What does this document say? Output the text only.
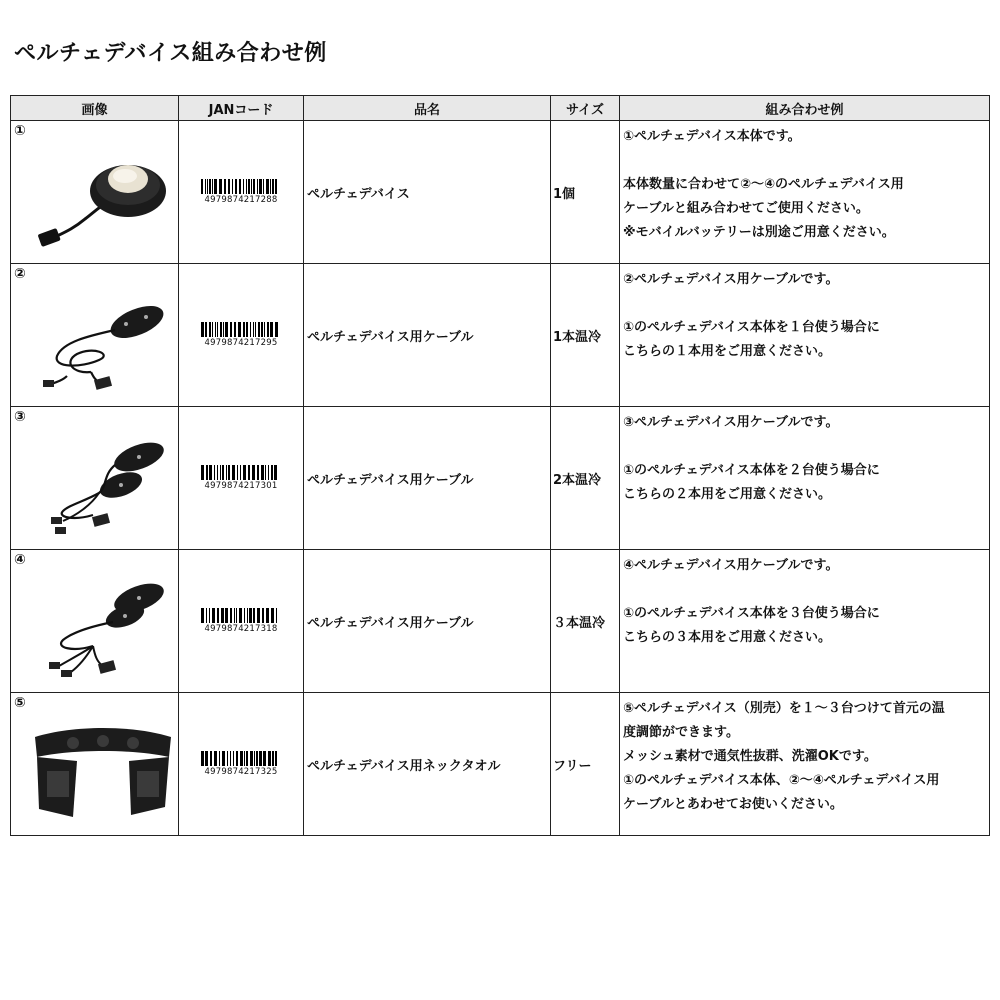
ペルチェデバイス組み合わせ例
画像	JANコード	品名	サイズ	組み合わせ例

①	4979874217288	ペルチェデバイス	1個	①ペルチェデバイス本体です。
本体数量に合わせて②～④のペルチェデバイス用
ケーブルと組み合わせてご使用ください。
※モバイルバッテリーは別途ご用意ください。

②	4979874217295	ペルチェデバイス用ケーブル	1本温冷	②ペルチェデバイス用ケーブルです。
①のペルチェデバイス本体を１台使う場合に
こちらの１本用をご用意ください。

③	4979874217301	ペルチェデバイス用ケーブル	2本温冷	③ペルチェデバイス用ケーブルです。
①のペルチェデバイス本体を２台使う場合に
こちらの２本用をご用意ください。

④	4979874217318	ペルチェデバイス用ケーブル	３本温冷	④ペルチェデバイス用ケーブルです。
①のペルチェデバイス本体を３台使う場合に
こちらの３本用をご用意ください。

⑤	4979874217325	ペルチェデバイス用ネックタオル	フリー	⑤ペルチェデバイス（別売）を１～３台つけて首元の温
度調節ができます。
メッシュ素材で通気性抜群、洗濯OKです。
①のペルチェデバイス本体、②～④ペルチェデバイス用
ケーブルとあわせてお使いください。
